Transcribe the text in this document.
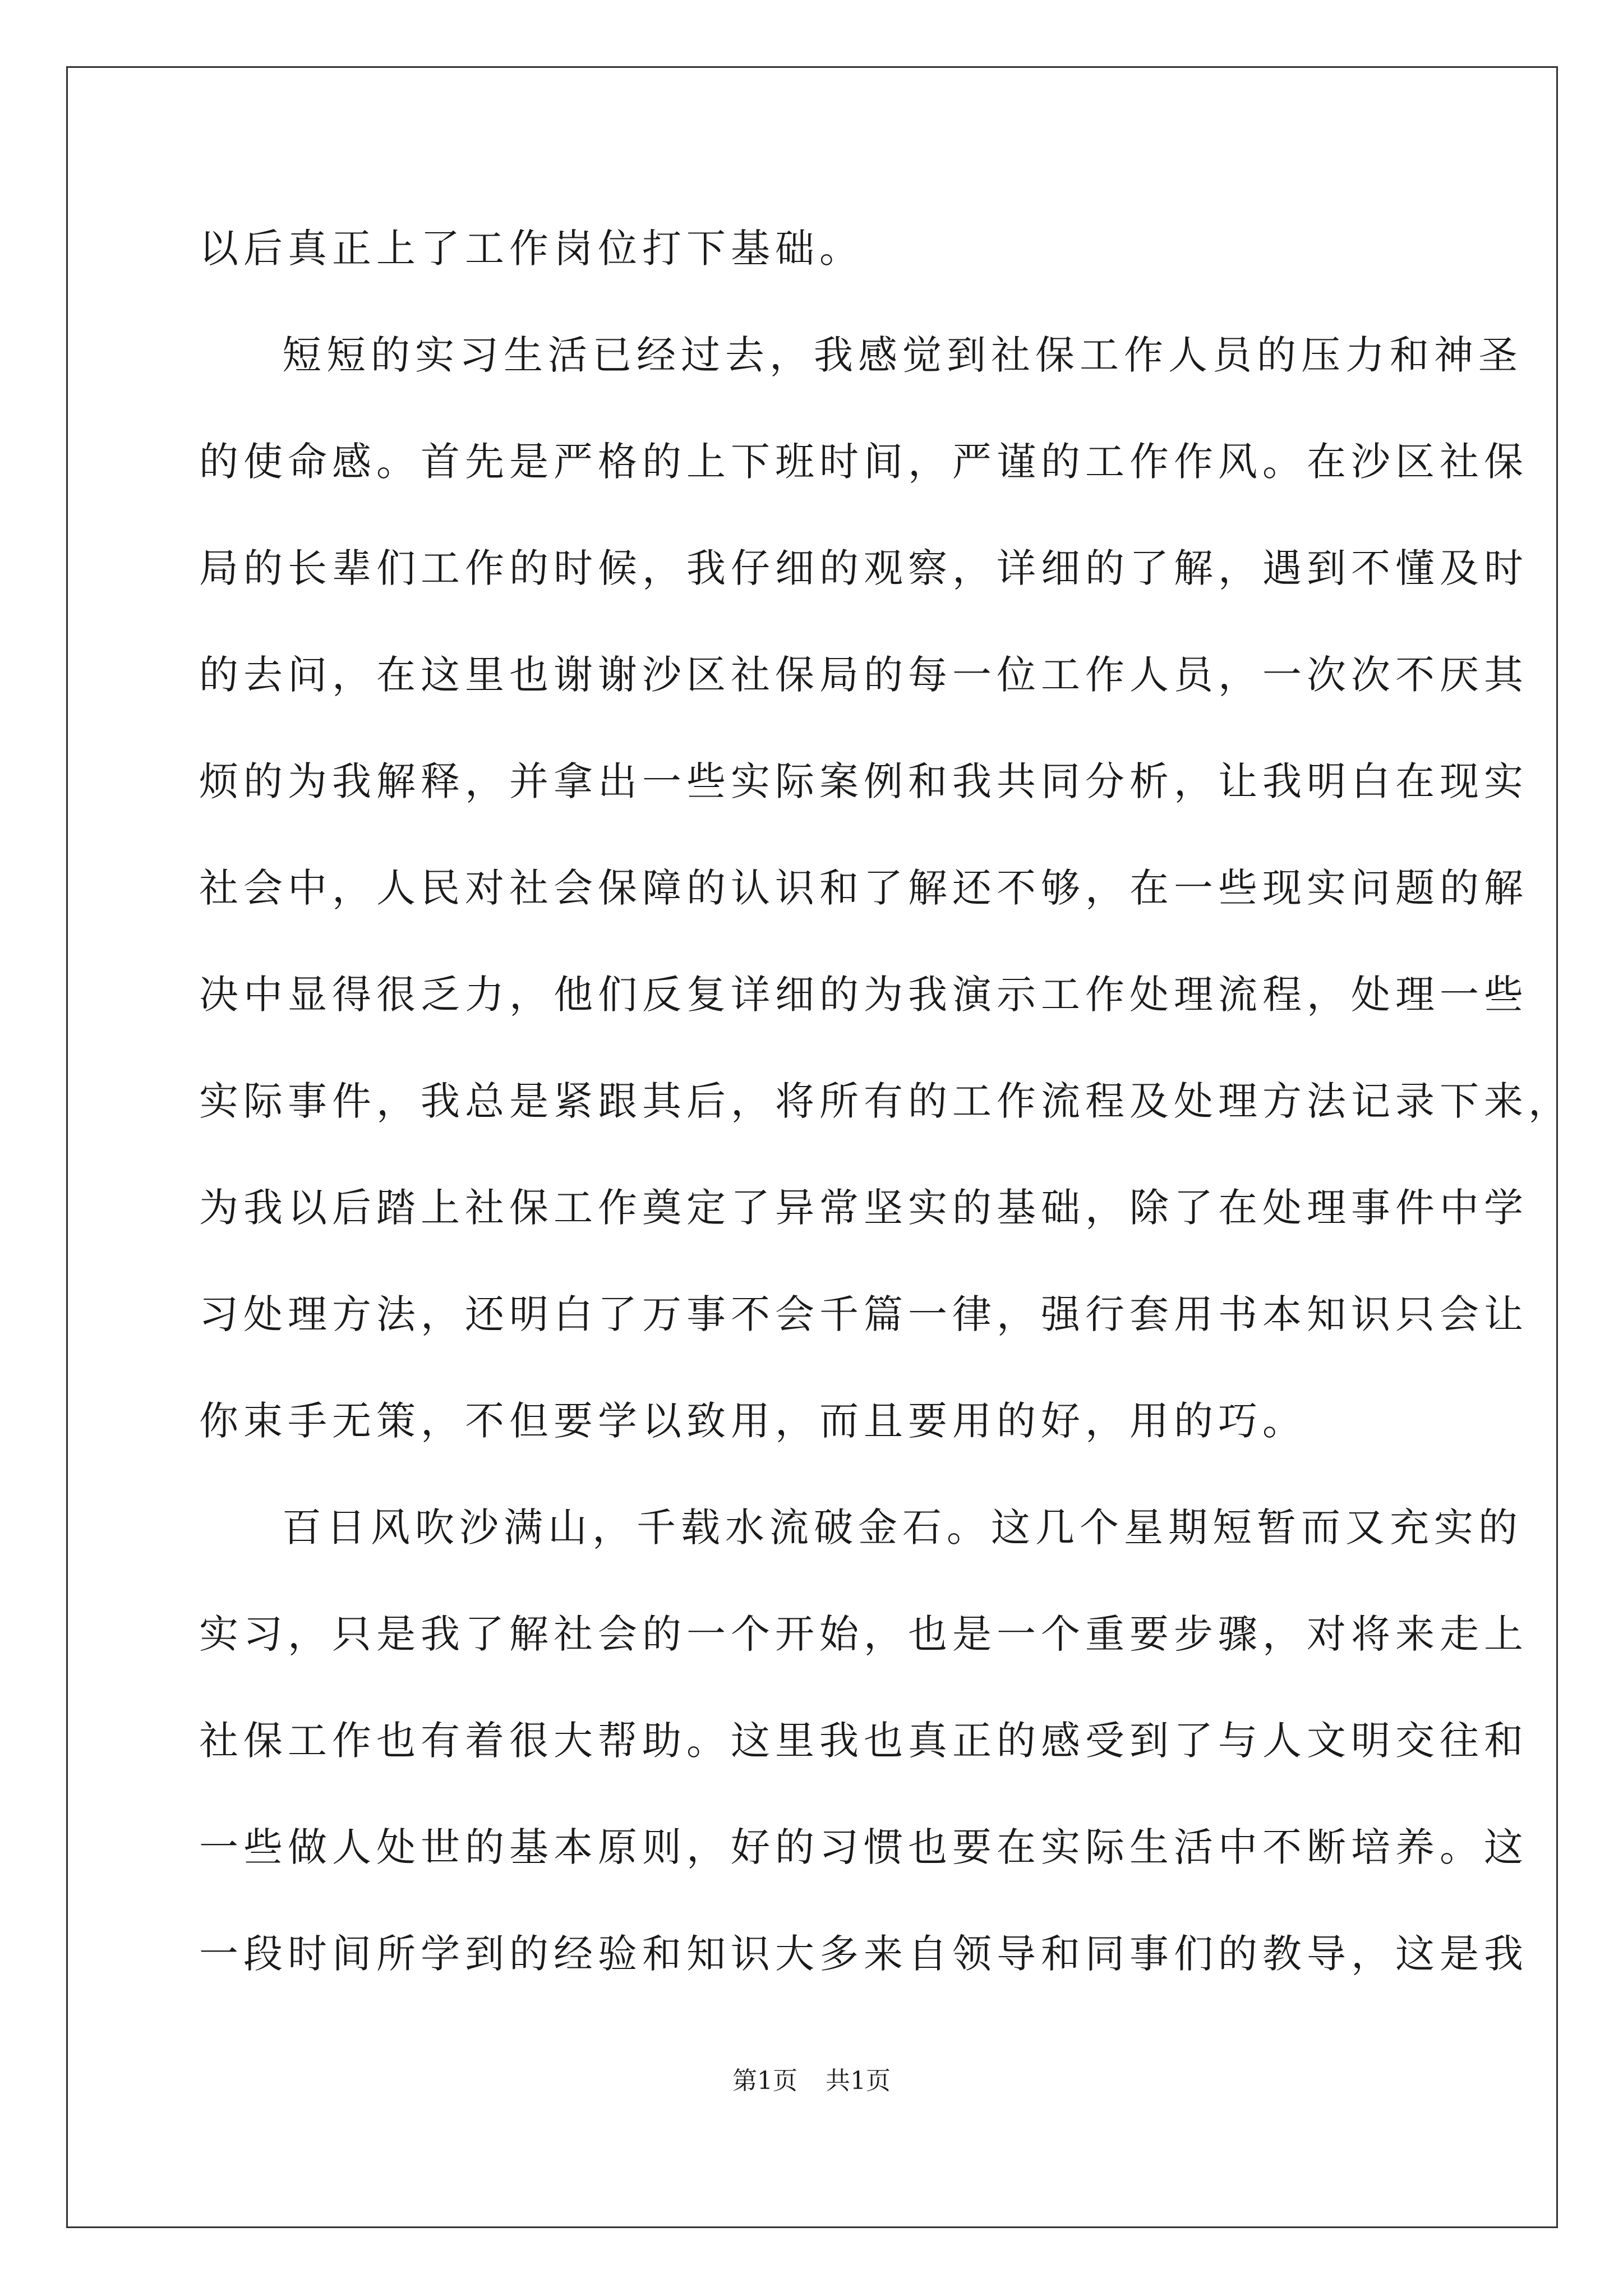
以后真正上了工作岗位打下基础。
短短的实习生活已经过去，我感觉到社保工作人员的压力和神圣
的使命感。首先是严格的上下班时间，严谨的工作作风。在沙区社保
局的长辈们工作的时候，我仔细的观察，详细的了解，遇到不懂及时
的去问，在这里也谢谢沙区社保局的每一位工作人员，一次次不厌其
烦的为我解释，并拿出一些实际案例和我共同分析，让我明白在现实
社会中，人民对社会保障的认识和了解还不够，在一些现实问题的解
决中显得很乏力，他们反复详细的为我演示工作处理流程，处理一些
实际事件，我总是紧跟其后，将所有的工作流程及处理方法记录下来，
为我以后踏上社保工作奠定了异常坚实的基础，除了在处理事件中学
习处理方法，还明白了万事不会千篇一律，强行套用书本知识只会让
你束手无策，不但要学以致用，而且要用的好，用的巧。
百日风吹沙满山，千载水流破金石。这几个星期短暂而又充实的
实习，只是我了解社会的一个开始，也是一个重要步骤，对将来走上
社保工作也有着很大帮助。这里我也真正的感受到了与人文明交往和
一些做人处世的基本原则，好的习惯也要在实际生活中不断培养。这
一段时间所学到的经验和知识大多来自领导和同事们的教导，这是我
第1页 共1页
